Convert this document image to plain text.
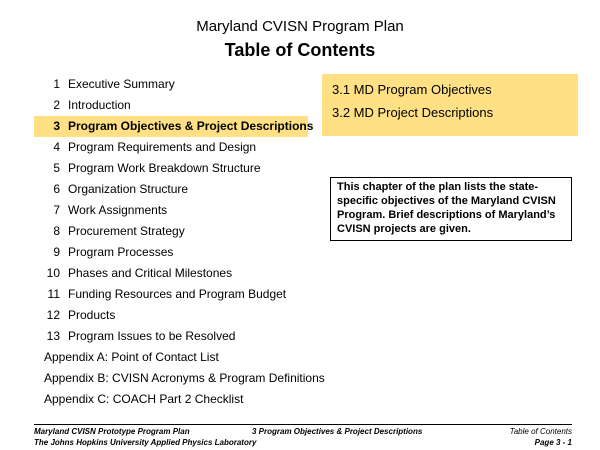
Maryland CVISN Program Plan
Table of Contents
1 Executive Summary
2 Introduction
3 Program Objectives & Project Descriptions
4 Program Requirements and Design
5 Program Work Breakdown Structure
6 Organization Structure
7 Work Assignments
8 Procurement Strategy
9 Program Processes
10 Phases and Critical Milestones
11 Funding Resources and Program Budget
12 Products
13 Program Issues to be Resolved
Appendix A: Point of Contact List
Appendix B: CVISN Acronyms & Program Definitions
Appendix C: COACH Part 2 Checklist
3.1 MD Program Objectives
3.2 MD Project Descriptions
This chapter of the plan lists the state-specific objectives of the Maryland CVISN Program. Brief descriptions of Maryland’s CVISN projects are given.
Maryland CVISN Prototype Program Plan
The Johns Hopkins University Applied Physics Laboratory
3 Program Objectives & Project Descriptions	Table of Contents
Page 3 - 1
